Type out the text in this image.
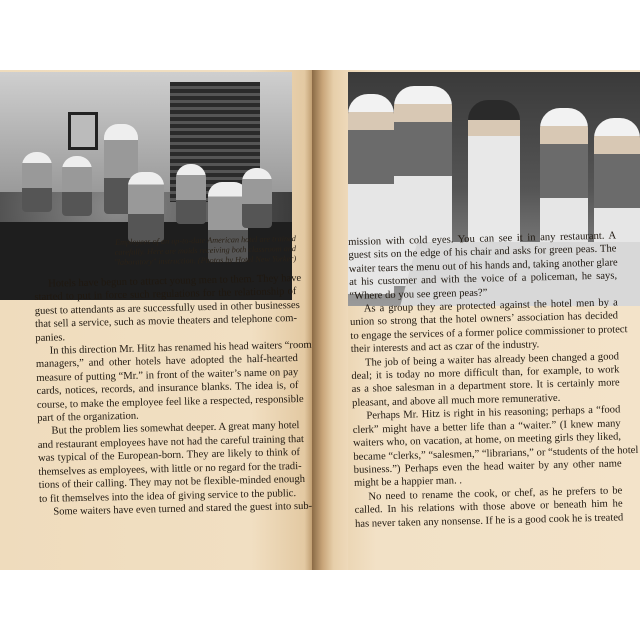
Employees of an up-to-date American hotel are trained carefully. Here are maids receiving both classroom and "laboratory" instruction. (Photos by Hotel New Yorker)
Hotels have begun to attract young men to them. They have
started to put in force such regulations for the relationship of
guest to attendants as are successfully used in other businesses
that sell a service, such as movie theaters and telephone com-
panies.
In this direction Mr. Hitz has renamed his head waiters “room
managers,” and other hotels have adopted the half-hearted
measure of putting “Mr.” in front of the waiter’s name on pay
cards, notices, records, and insurance blanks. The idea is, of
course, to make the employee feel like a respected, responsible
part of the organization.
But the problem lies somewhat deeper. A great many hotel
and restaurant employees have not had the careful training that
was typical of the European-born. They are likely to think of
themselves as employees, with little or no regard for the tradi-
tions of their calling. They may not be flexible-minded enough
to fit themselves into the idea of giving service to the public.
Some waiters have even turned and stared the guest into sub-
mission with cold eyes. You can see it in any restaurant. A
guest sits on the edge of his chair and asks for green peas. The
waiter tears the menu out of his hands and, taking another glare
at his customer and with the voice of a policeman, he says,
“Where do you see green peas?”
As a group they are protected against the hotel men by a
union so strong that the hotel owners’ association has decided
to engage the services of a former police commissioner to protect
their interests and act as czar of the industry.
The job of being a waiter has already been changed a good
deal; it is today no more difficult than, for example, to work
as a shoe salesman in a department store. It is certainly more
pleasant, and above all much more remunerative.
Perhaps Mr. Hitz is right in his reasoning; perhaps a “food
clerk” might have a better life than a “waiter.” (I knew many
waiters who, on vacation, at home, on meeting girls they liked,
became “clerks,” “salesmen,” “librarians,” or “students of the hotel
business.”) Perhaps even the head waiter by any other name
might be a happier man. .
No need to rename the cook, or chef, as he prefers to be
called. In his relations with those above or beneath him he
has never taken any nonsense. If he is a good cook he is treated
